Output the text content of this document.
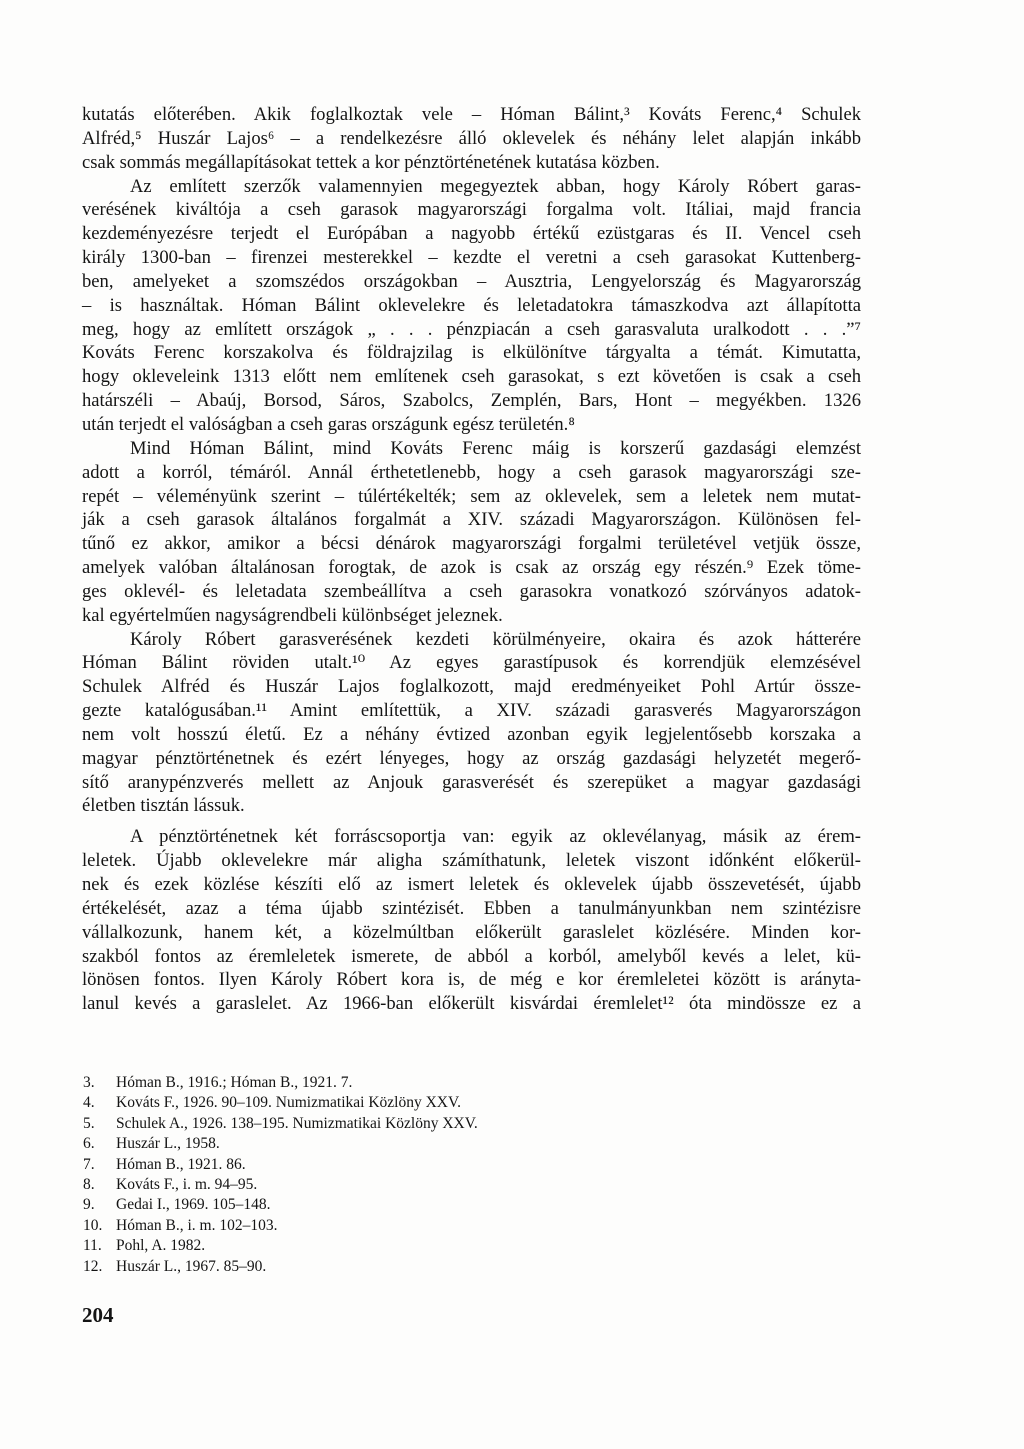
kutatás előterében. Akik foglalkoztak vele – Hóman Bálint,³ Kováts Ferenc,⁴ Schulek
Alfréd,⁵ Huszár Lajos⁶ – a rendelkezésre álló oklevelek és néhány lelet alapján inkább
csak sommás megállapításokat tettek a kor pénztörténetének kutatása közben.
Az említett szerzők valamennyien megegyeztek abban, hogy Károly Róbert garas-
verésének kiváltója a cseh garasok magyarországi forgalma volt. Itáliai, majd francia
kezdeményezésre terjedt el Európában a nagyobb értékű ezüstgaras és II. Vencel cseh
király 1300-ban – firenzei mesterekkel – kezdte el veretni a cseh garasokat Kuttenberg-
ben, amelyeket a szomszédos országokban – Ausztria, Lengyelország és Magyarország
– is használtak. Hóman Bálint oklevelekre és leletadatokra támaszkodva azt állapította
meg, hogy az említett országok „ . . . pénzpiacán a cseh garasvaluta uralkodott . . .”⁷
Kováts Ferenc korszakolva és földrajzilag is elkülönítve tárgyalta a témát. Kimutatta,
hogy okleveleink 1313 előtt nem említenek cseh garasokat, s ezt követően is csak a cseh
határszéli – Abaúj, Borsod, Sáros, Szabolcs, Zemplén, Bars, Hont – megyékben. 1326
után terjedt el valóságban a cseh garas országunk egész területén.⁸
Mind Hóman Bálint, mind Kováts Ferenc máig is korszerű gazdasági elemzést
adott a korról, témáról. Annál érthetetlenebb, hogy a cseh garasok magyarországi sze-
repét – véleményünk szerint – túlértékelték; sem az oklevelek, sem a leletek nem mutat-
ják a cseh garasok általános forgalmát a XIV. századi Magyarországon. Különösen fel-
tűnő ez akkor, amikor a bécsi dénárok magyarországi forgalmi területével vetjük össze,
amelyek valóban általánosan forogtak, de azok is csak az ország egy részén.⁹ Ezek töme-
ges oklevél- és leletadata szembeállítva a cseh garasokra vonatkozó szórványos adatok-
kal egyértelműen nagyságrendbeli különbséget jeleznek.
Károly Róbert garasverésének kezdeti körülményeire, okaira és azok hátterére
Hóman Bálint röviden utalt.¹⁰ Az egyes garastípusok és korrendjük elemzésével
Schulek Alfréd és Huszár Lajos foglalkozott, majd eredményeiket Pohl Artúr össze-
gezte katalógusában.¹¹ Amint említettük, a XIV. századi garasverés Magyarországon
nem volt hosszú életű. Ez a néhány évtized azonban egyik legjelentősebb korszaka a
magyar pénztörténetnek és ezért lényeges, hogy az ország gazdasági helyzetét megerő-
sítő aranypénzverés mellett az Anjouk garasverését és szerepüket a magyar gazdasági
életben tisztán lássuk.
A pénztörténetnek két forráscsoportja van: egyik az oklevélanyag, másik az érem-
leletek. Újabb oklevelekre már aligha számíthatunk, leletek viszont időnként előkerül-
nek és ezek közlése készíti elő az ismert leletek és oklevelek újabb összevetését, újabb
értékelését, azaz a téma újabb szintézisét. Ebben a tanulmányunkban nem szintézisre
vállalkozunk, hanem két, a közelmúltban előkerült garaslelet közlésére. Minden kor-
szakból fontos az éremleletek ismerete, de abból a korból, amelyből kevés a lelet, kü-
lönösen fontos. Ilyen Károly Róbert kora is, de még e kor éremleletei között is arányta-
lanul kevés a garaslelet. Az 1966-ban előkerült kisvárdai éremlelet¹² óta mindössze ez a
3. Hóman B., 1916.; Hóman B., 1921. 7.
4. Kováts F., 1926. 90–109. Numizmatikai Közlöny XXV.
5. Schulek A., 1926. 138–195. Numizmatikai Közlöny XXV.
6. Huszár L., 1958.
7. Hóman B., 1921. 86.
8. Kováts F., i. m. 94–95.
9. Gedai I., 1969. 105–148.
10. Hóman B., i. m. 102–103.
11. Pohl, A. 1982.
12. Huszár L., 1967. 85–90.
204
